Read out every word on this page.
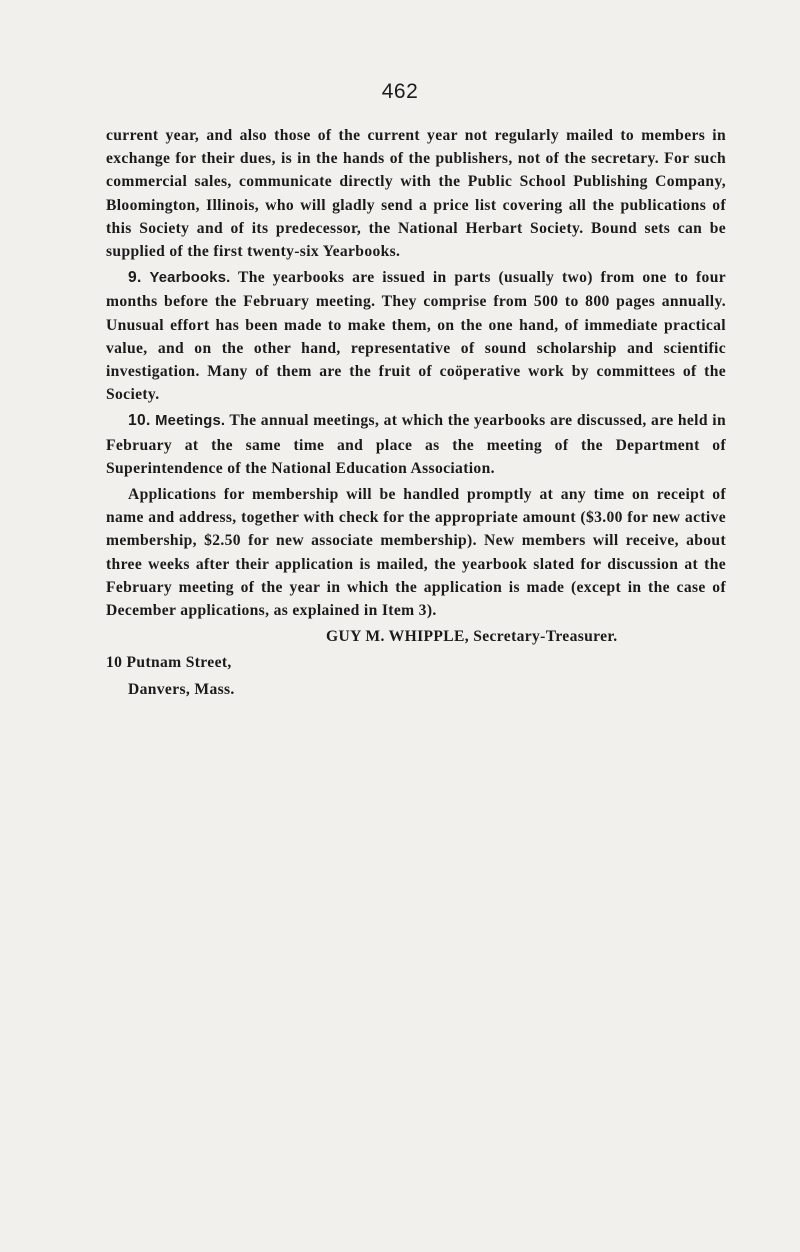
462

current year, and also those of the current year not regularly mailed to members in exchange for their dues, is in the hands of the publishers, not of the secretary. For such commercial sales, communicate directly with the Public School Publishing Company, Bloomington, Illinois, who will gladly send a price list covering all the publications of this Society and of its predecessor, the National Herbart Society. Bound sets can be supplied of the first twenty-six Yearbooks.

9. Yearbooks. The yearbooks are issued in parts (usually two) from one to four months before the February meeting. They comprise from 500 to 800 pages annually. Unusual effort has been made to make them, on the one hand, of immediate practical value, and on the other hand, representative of sound scholarship and scientific investigation. Many of them are the fruit of coöperative work by committees of the Society.

10. Meetings. The annual meetings, at which the yearbooks are discussed, are held in February at the same time and place as the meeting of the Department of Superintendence of the National Education Association.

Applications for membership will be handled promptly at any time on receipt of name and address, together with check for the appropriate amount ($3.00 for new active membership, $2.50 for new associate membership). New members will receive, about three weeks after their application is mailed, the yearbook slated for discussion at the February meeting of the year in which the application is made (except in the case of December applications, as explained in Item 3).

GUY M. WHIPPLE, Secretary-Treasurer.

10 Putnam Street,

Danvers, Mass.
